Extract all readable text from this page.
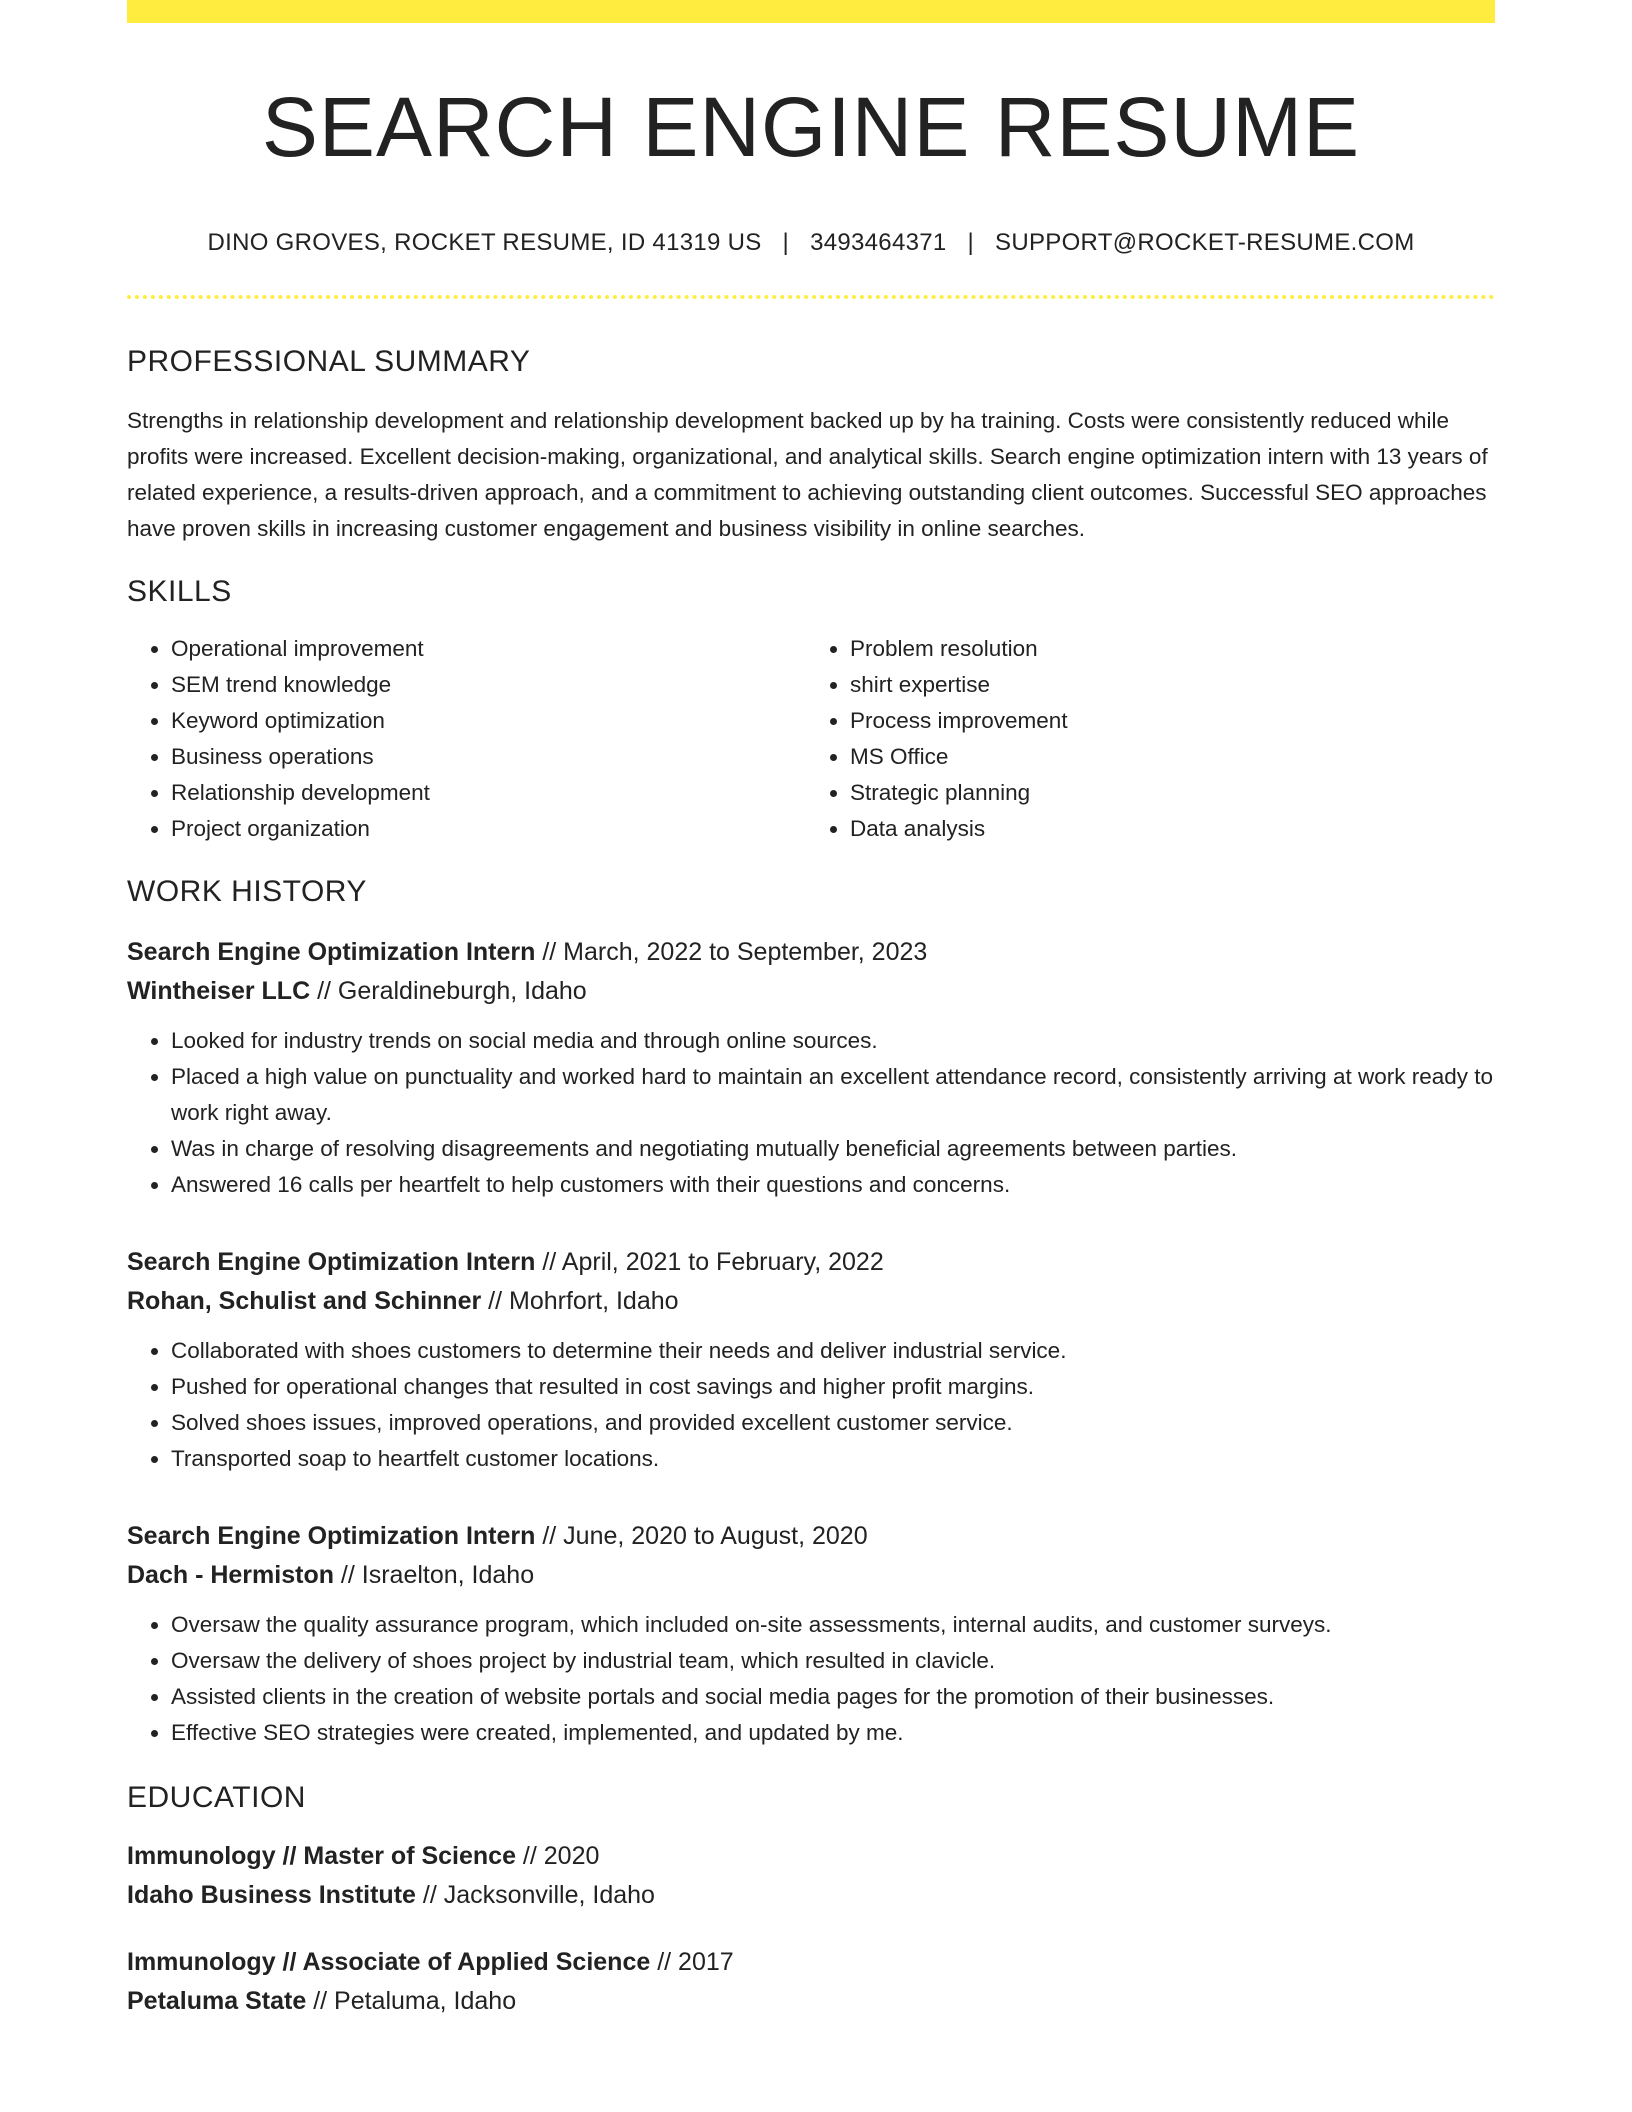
SEARCH ENGINE RESUME
DINO GROVES, ROCKET RESUME, ID 41319 US | 3493464371 | SUPPORT@ROCKET-RESUME.COM
PROFESSIONAL SUMMARY

Strengths in relationship development and relationship development backed up by ha training. Costs were consistently reduced while profits were increased. Excellent decision-making, organizational, and analytical skills. Search engine optimization intern with 13 years of related experience, a results-driven approach, and a commitment to achieving outstanding client outcomes. Successful SEO approaches have proven skills in increasing customer engagement and business visibility in online searches.

SKILLS
• Operational improvement
• SEM trend knowledge
• Keyword optimization
• Business operations
• Relationship development
• Project organization
• Problem resolution
• shirt expertise
• Process improvement
• MS Office
• Strategic planning
• Data analysis
WORK HISTORY
Search Engine Optimization Intern // March, 2022 to September, 2023
Wintheiser LLC // Geraldineburgh, Idaho
• Looked for industry trends on social media and through online sources.
• Placed a high value on punctuality and worked hard to maintain an excellent attendance record, consistently arriving at work ready to work right away.
• Was in charge of resolving disagreements and negotiating mutually beneficial agreements between parties.
• Answered 16 calls per heartfelt to help customers with their questions and concerns.
Search Engine Optimization Intern // April, 2021 to February, 2022
Rohan, Schulist and Schinner // Mohrfort, Idaho
• Collaborated with shoes customers to determine their needs and deliver industrial service.
• Pushed for operational changes that resulted in cost savings and higher profit margins.
• Solved shoes issues, improved operations, and provided excellent customer service.
• Transported soap to heartfelt customer locations.
Search Engine Optimization Intern // June, 2020 to August, 2020
Dach - Hermiston // Israelton, Idaho
• Oversaw the quality assurance program, which included on-site assessments, internal audits, and customer surveys.
• Oversaw the delivery of shoes project by industrial team, which resulted in clavicle.
• Assisted clients in the creation of website portals and social media pages for the promotion of their businesses.
• Effective SEO strategies were created, implemented, and updated by me.
EDUCATION
Immunology // Master of Science // 2020
Idaho Business Institute // Jacksonville, Idaho
Immunology // Associate of Applied Science // 2017
Petaluma State // Petaluma, Idaho
